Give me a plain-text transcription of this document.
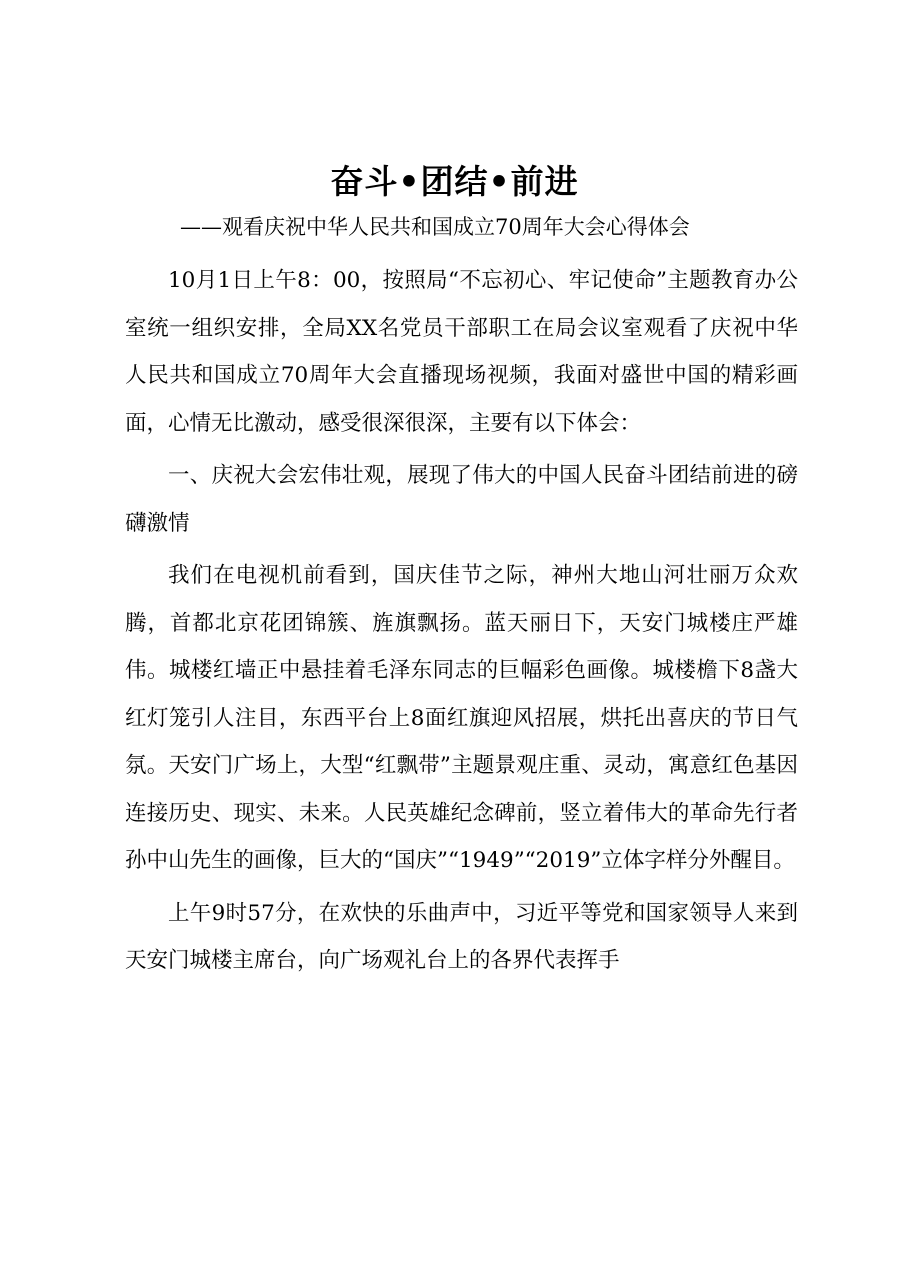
奋斗•团结•前进
——观看庆祝中华人民共和国成立70周年大会心得体会

10月1日上午8：00，按照局“不忘初心、牢记使命”主题教育办公室统一组织安排，全局XX名党员干部职工在局会议室观看了庆祝中华人民共和国成立70周年大会直播现场视频，我面对盛世中国的精彩画面，心情无比激动，感受很深很深，主要有以下体会：

一、庆祝大会宏伟壮观，展现了伟大的中国人民奋斗团结前进的磅礴激情

我们在电视机前看到，国庆佳节之际，神州大地山河壮丽万众欢腾，首都北京花团锦簇、旌旗飘扬。蓝天丽日下，天安门城楼庄严雄伟。城楼红墙正中悬挂着毛泽东同志的巨幅彩色画像。城楼檐下8盏大红灯笼引人注目，东西平台上8面红旗迎风招展，烘托出喜庆的节日气氛。天安门广场上，大型“红飘带”主题景观庄重、灵动，寓意红色基因连接历史、现实、未来。人民英雄纪念碑前，竖立着伟大的革命先行者孙中山先生的画像，巨大的“国庆”“1949”“2019”立体字样分外醒目。

上午9时57分，在欢快的乐曲声中，习近平等党和国家领导人来到天安门城楼主席台，向广场观礼台上的各界代表挥手
